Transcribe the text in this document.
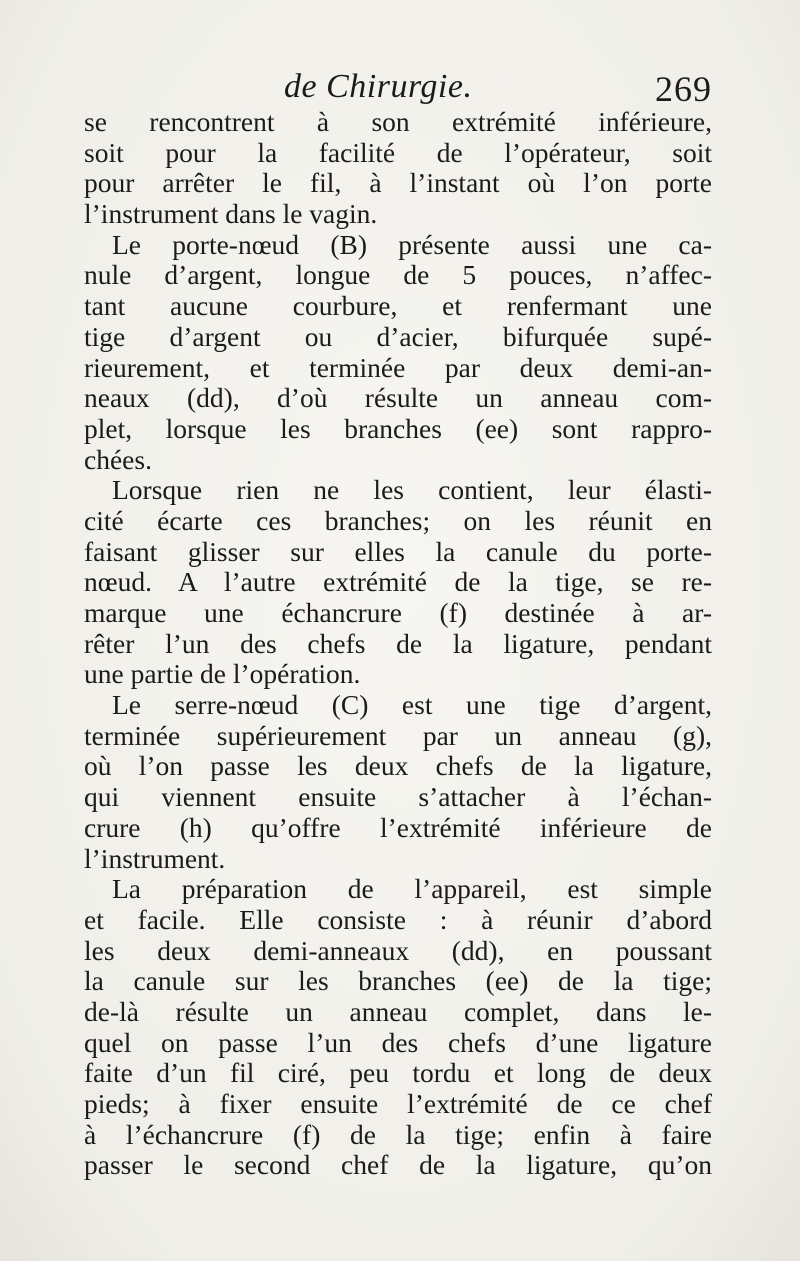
de Chirurgie.	269
se rencontrent à son extrémité inférieure,
soit pour la facilité de l’opérateur, soit
pour arrêter le fil, à l’instant où l’on porte
l’instrument dans le vagin.
Le porte-nœud (B) présente aussi une ca-
nule d’argent, longue de 5 pouces, n’affec-
tant aucune courbure, et renfermant une
tige d’argent ou d’acier, bifurquée supé-
rieurement, et terminée par deux demi-an-
neaux (dd), d’où résulte un anneau com-
plet, lorsque les branches (ee) sont rappro-
chées.
Lorsque rien ne les contient, leur élasti-
cité écarte ces branches; on les réunit en
faisant glisser sur elles la canule du porte-
nœud. A l’autre extrémité de la tige, se re-
marque une échancrure (f) destinée à ar-
rêter l’un des chefs de la ligature, pendant
une partie de l’opération.
Le serre-nœud (C) est une tige d’argent,
terminée supérieurement par un anneau (g),
où l’on passe les deux chefs de la ligature,
qui viennent ensuite s’attacher à l’échan-
crure (h) qu’offre l’extrémité inférieure de
l’instrument.
La préparation de l’appareil, est simple
et facile. Elle consiste : à réunir d’abord
les deux demi-anneaux (dd), en poussant
la canule sur les branches (ee) de la tige;
de-là résulte un anneau complet, dans le-
quel on passe l’un des chefs d’une ligature
faite d’un fil ciré, peu tordu et long de deux
pieds; à fixer ensuite l’extrémité de ce chef
à l’échancrure (f) de la tige; enfin à faire
passer le second chef de la ligature, qu’on
